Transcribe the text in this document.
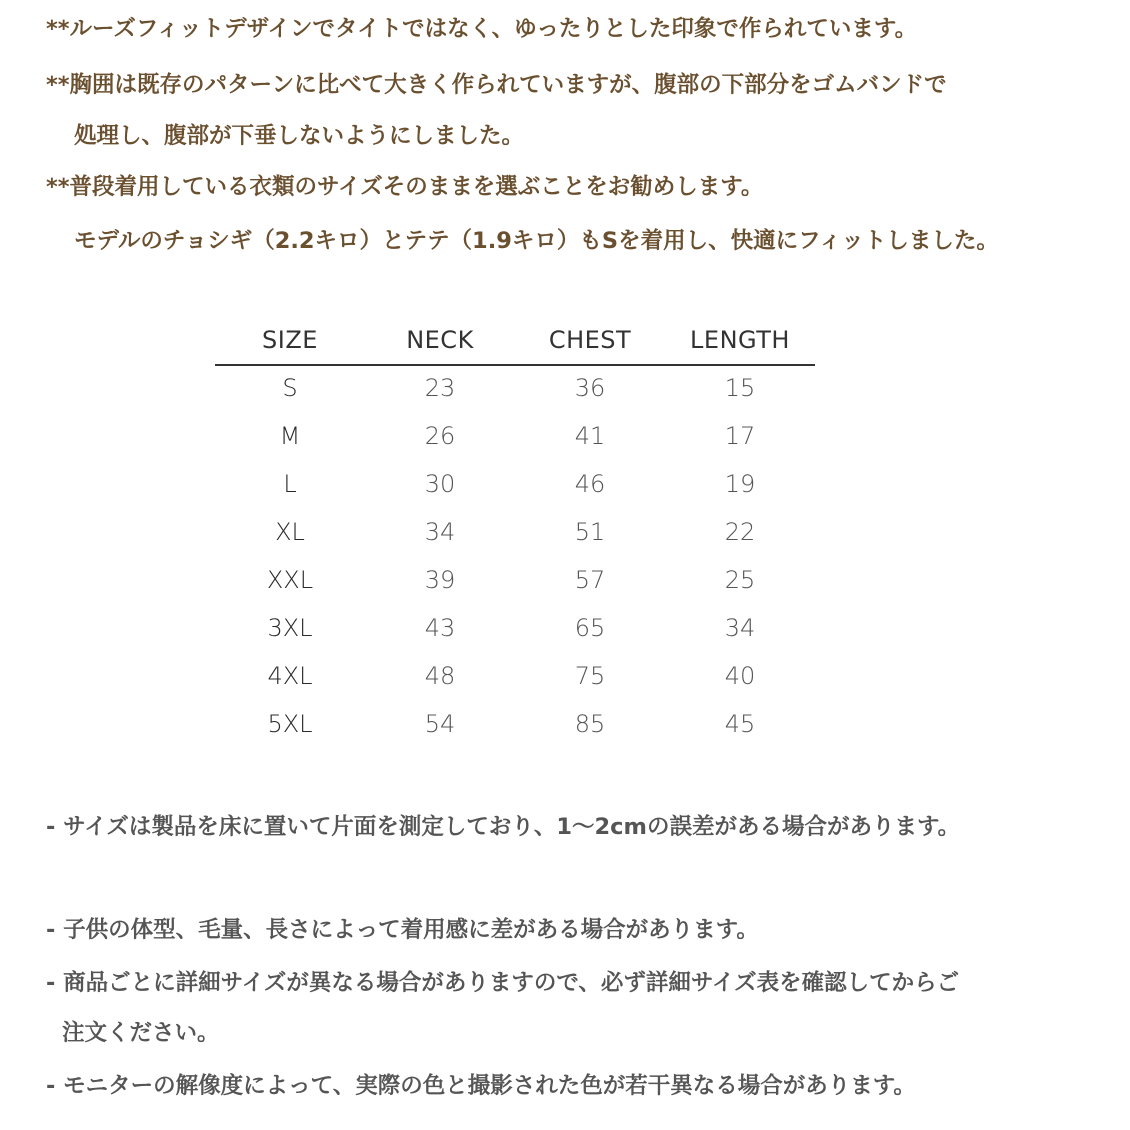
**ルーズフィットデザインでタイトではなく、ゆったりとした印象で作られています。
**胸囲は既存のパターンに比べて大きく作られていますが、腹部の下部分をゴムバンドで
処理し、腹部が下垂しないようにしました。
**普段着用している衣類のサイズそのままを選ぶことをお勧めします。
モデルのチョシギ（2.2キロ）とテテ（1.9キロ）もSを着用し、快適にフィットしました。
SIZE	NECK	CHEST	LENGTH
S	23	36	15
M	26	41	17
L	30	46	19
XL	34	51	22
XXL	39	57	25
3XL	43	65	34
4XL	48	75	40
5XL	54	85	45
- サイズは製品を床に置いて片面を測定しており、1〜2cmの誤差がある場合があります。
- 子供の体型、毛量、長さによって着用感に差がある場合があります。
- 商品ごとに詳細サイズが異なる場合がありますので、必ず詳細サイズ表を確認してからご
注文ください。
- モニターの解像度によって、実際の色と撮影された色が若干異なる場合があります。
